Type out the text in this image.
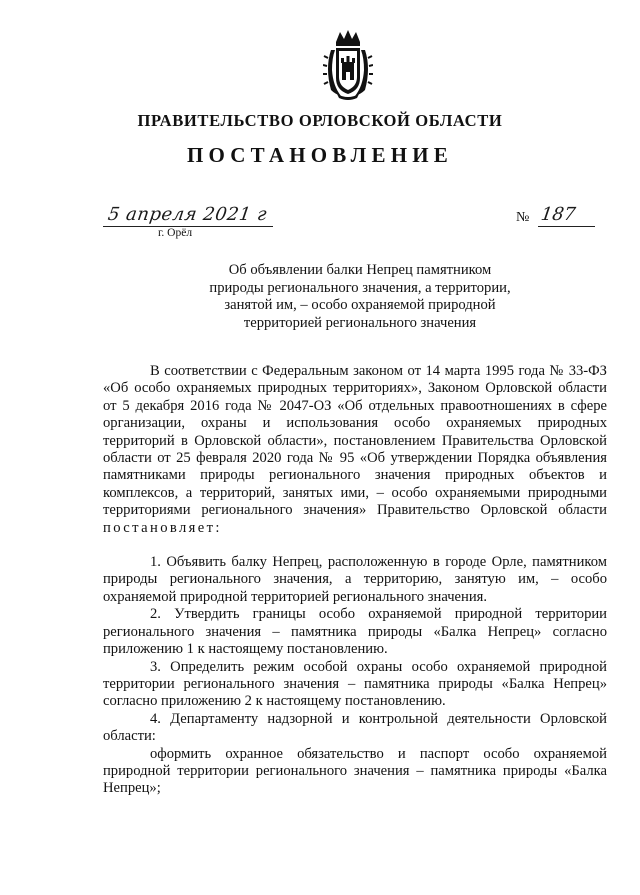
ПРАВИТЕЛЬСТВО ОРЛОВСКОЙ ОБЛАСТИ
ПОСТАНОВЛЕНИЕ
5 апреля 2021 г
г. Орёл
№ 187
Об объявлении балки Непрец памятником
природы регионального значения, а территории,
занятой им, – особо охраняемой природной
территорией регионального значения

В соответствии с Федеральным законом от 14 марта 1995 года № 33-ФЗ «Об особо охраняемых природных территориях», Законом Орловской области от 5 декабря 2016 года № 2047-ОЗ «Об отдельных правоотношениях в сфере организации, охраны и использования особо охраняемых природных территорий в Орловской области», постановлением Правительства Орловской области от 25 февраля 2020 года № 95 «Об утверждении Порядка объявления памятниками природы регионального значения природных объектов и комплексов, а территорий, занятых ими, – особо охраняемыми природными территориями регионального значения» Правительство Орловской области постановляет:

1. Объявить балку Непрец, расположенную в городе Орле, памятником природы регионального значения, а территорию, занятую им, – особо охраняемой природной территорией регионального значения.

2. Утвердить границы особо охраняемой природной территории регионального значения – памятника природы «Балка Непрец» согласно приложению 1 к настоящему постановлению.

3. Определить режим особой охраны особо охраняемой природной территории регионального значения – памятника природы «Балка Непрец» согласно приложению 2 к настоящему постановлению.

4. Департаменту надзорной и контрольной деятельности Орловской области:

оформить охранное обязательство и паспорт особо охраняемой природной территории регионального значения – памятника природы «Балка Непрец»;
